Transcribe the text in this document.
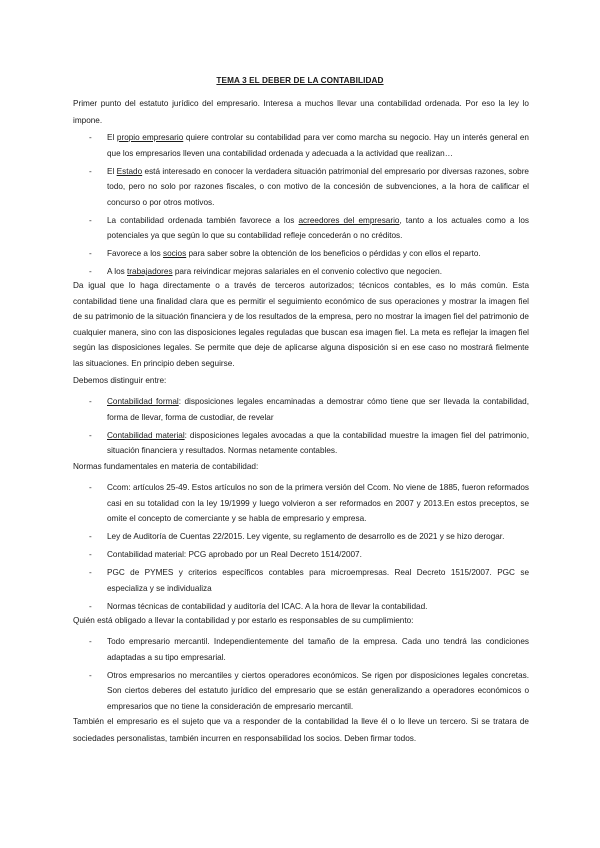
TEMA 3 EL DEBER DE LA CONTABILIDAD

Primer punto del estatuto jurídico del empresario. Interesa a muchos llevar una contabilidad ordenada. Por eso la ley lo impone.

- El propio empresario quiere controlar su contabilidad para ver como marcha su negocio. Hay un interés general en que los empresarios lleven una contabilidad ordenada y adecuada a la actividad que realizan…
- El Estado está interesado en conocer la verdadera situación patrimonial del empresario por diversas razones, sobre todo, pero no solo por razones fiscales, o con motivo de la concesión de subvenciones, a la hora de calificar el concurso o por otros motivos.
- La contabilidad ordenada también favorece a los acreedores del empresario, tanto a los actuales como a los potenciales ya que según lo que su contabilidad refleje concederán o no créditos.
- Favorece a los socios para saber sobre la obtención de los beneficios o pérdidas y con ellos el reparto.
- A los trabajadores para reivindicar mejoras salariales en el convenio colectivo que negocien.

Da igual que lo haga directamente o a través de terceros autorizados; técnicos contables, es lo más común. Esta contabilidad tiene una finalidad clara que es permitir el seguimiento económico de sus operaciones y mostrar la imagen fiel de su patrimonio de la situación financiera y de los resultados de la empresa, pero no mostrar la imagen fiel del patrimonio de cualquier manera, sino con las disposiciones legales reguladas que buscan esa imagen fiel. La meta es reflejar la imagen fiel según las disposiciones legales. Se permite que deje de aplicarse alguna disposición si en ese caso no mostrará fielmente las situaciones. En principio deben seguirse.

Debemos distinguir entre:

- Contabilidad formal: disposiciones legales encaminadas a demostrar cómo tiene que ser llevada la contabilidad, forma de llevar, forma de custodiar, de revelar
- Contabilidad material: disposiciones legales avocadas a que la contabilidad muestre la imagen fiel del patrimonio, situación financiera y resultados. Normas netamente contables.

Normas fundamentales en materia de contabilidad:

- Ccom: artículos 25-49. Estos artículos no son de la primera versión del Ccom. No viene de 1885, fueron reformados casi en su totalidad con la ley 19/1999 y luego volvieron a ser reformados en 2007 y 2013.En estos preceptos, se omite el concepto de comerciante y se habla de empresario y empresa.
- Ley de Auditoría de Cuentas 22/2015. Ley vigente, su reglamento de desarrollo es de 2021 y se hizo derogar.
- Contabilidad material: PCG aprobado por un Real Decreto 1514/2007.
- PGC de PYMES y criterios específicos contables para microempresas. Real Decreto 1515/2007. PGC se especializa y se individualiza
- Normas técnicas de contabilidad y auditoría del ICAC. A la hora de llevar la contabilidad.

Quién está obligado a llevar la contabilidad y por estarlo es responsables de su cumplimiento:

- Todo empresario mercantil. Independientemente del tamaño de la empresa. Cada uno tendrá las condiciones adaptadas a su tipo empresarial.
- Otros empresarios no mercantiles y ciertos operadores económicos. Se rigen por disposiciones legales concretas. Son ciertos deberes del estatuto jurídico del empresario que se están generalizando a operadores económicos o empresarios que no tiene la consideración de empresario mercantil.

También el empresario es el sujeto que va a responder de la contabilidad la lleve él o lo lleve un tercero. Si se tratara de sociedades personalistas, también incurren en responsabilidad los socios. Deben firmar todos.
